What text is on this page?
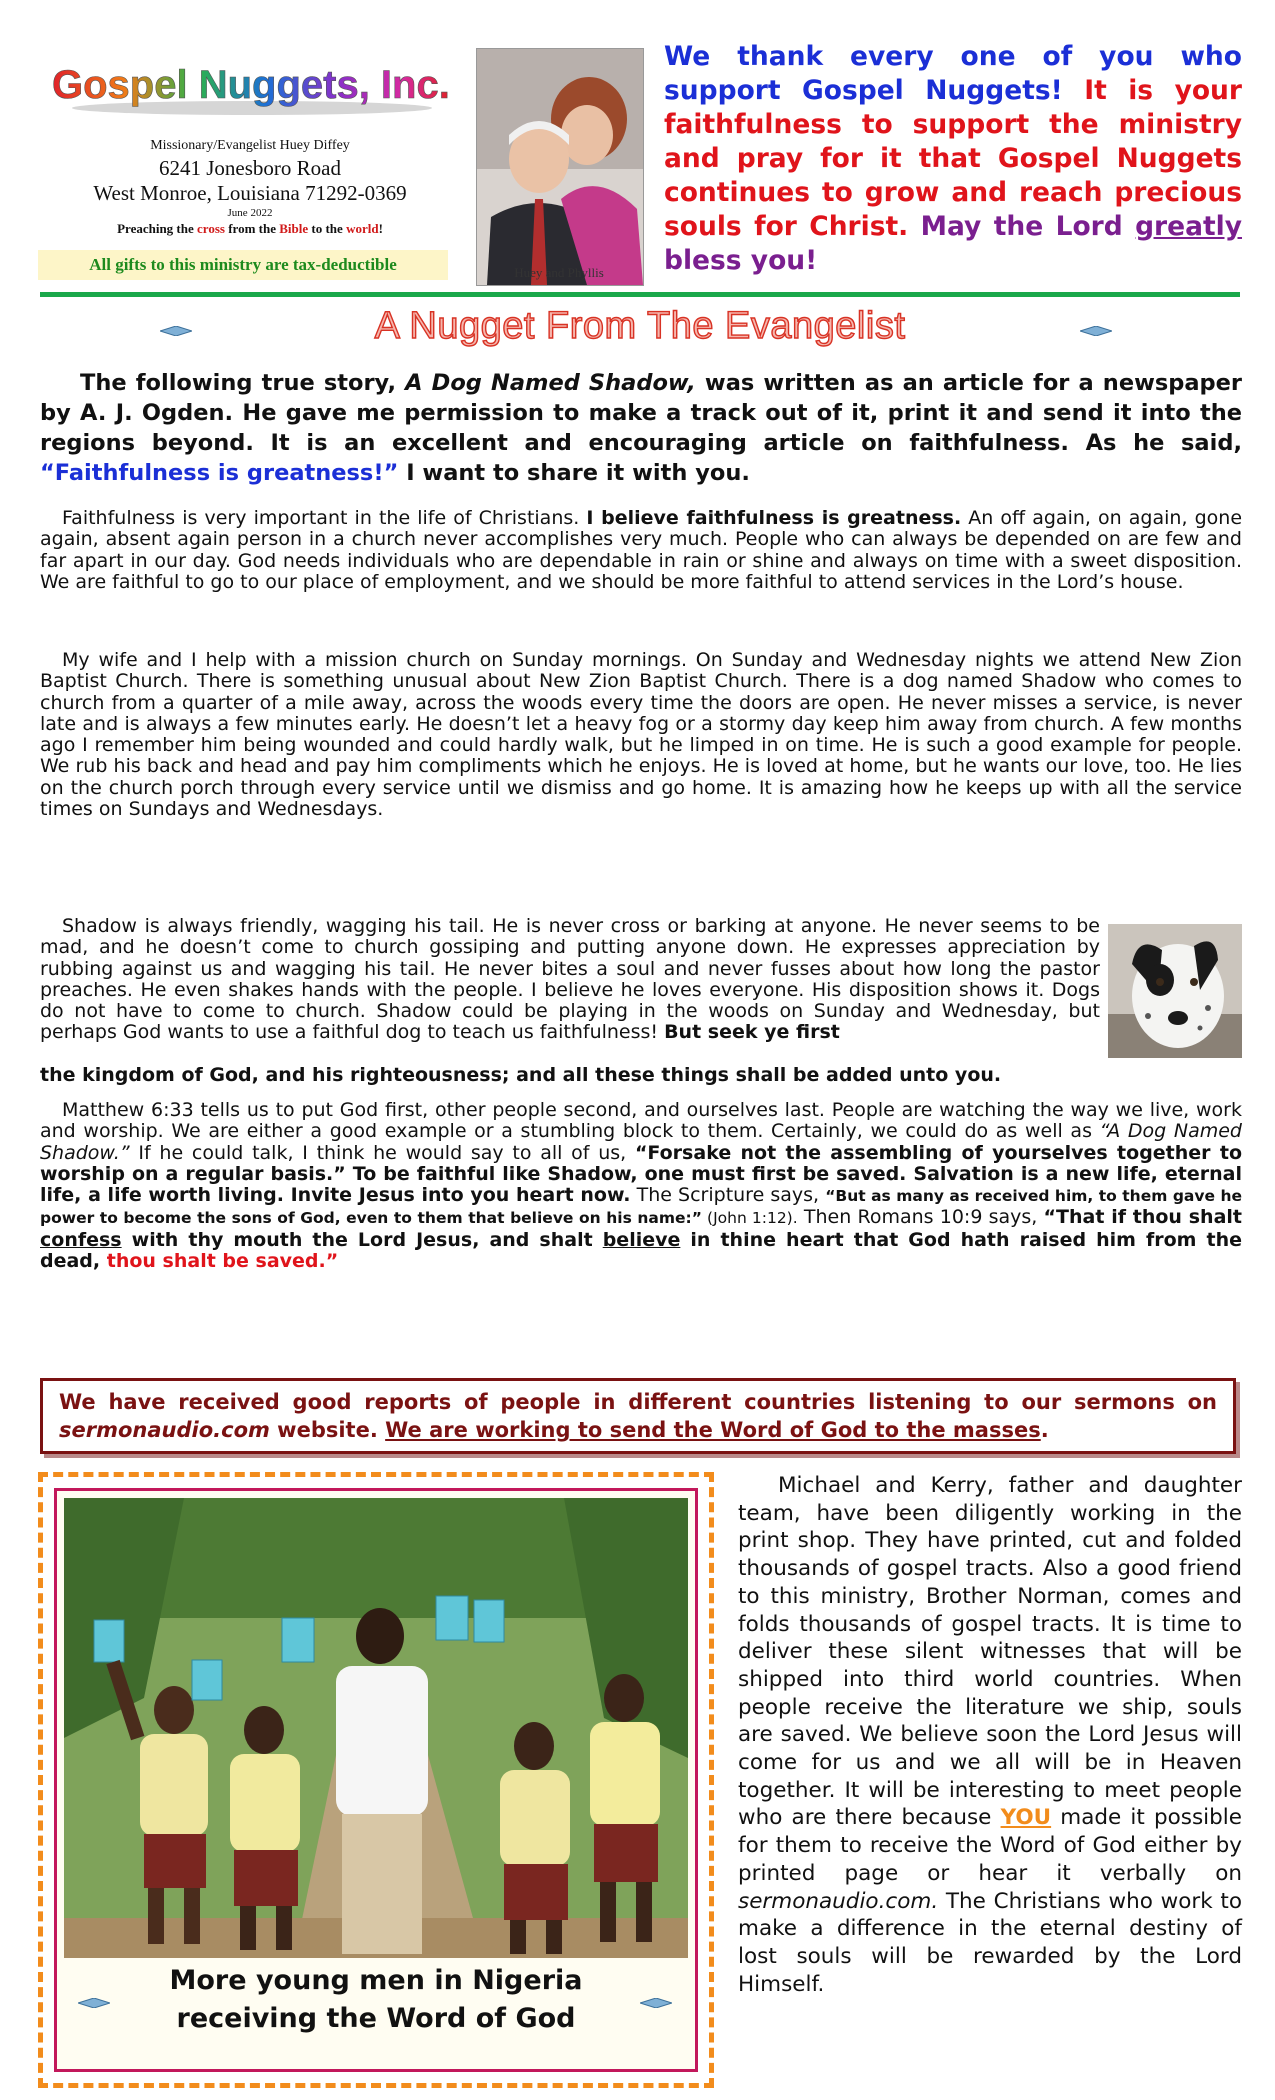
Gospel Nuggets, Inc.
Missionary/Evangelist Huey Diffey
6241 Jonesboro Road
West Monroe, Louisiana 71292-0369
June 2022
Preaching the cross from the Bible to the world!
All gifts to this ministry are tax-deductible	Huey and Phyllis
We thank every one of you who support Gospel Nuggets! It is your faithfulness to support the ministry and pray for it that Gospel Nuggets continues to grow and reach precious souls for Christ. May the Lord greatly bless you!
A Nugget From The Evangelist
The following true story, A Dog Named Shadow, was written as an article for a newspaper by A. J. Ogden. He gave me permission to make a track out of it, print it and send it into the regions beyond. It is an excellent and encouraging article on faithfulness. As he said, “Faithfulness is greatness!” I want to share it with you.
Faithfulness is very important in the life of Christians. I believe faithfulness is greatness. An off again, on again, gone again, absent again person in a church never accomplishes very much. People who can always be depended on are few and far apart in our day. God needs individuals who are dependable in rain or shine and always on time with a sweet disposition. We are faithful to go to our place of employment, and we should be more faithful to attend services in the Lord’s house.
My wife and I help with a mission church on Sunday mornings. On Sunday and Wednesday nights we attend New Zion Baptist Church. There is something unusual about New Zion Baptist Church. There is a dog named Shadow who comes to church from a quarter of a mile away, across the woods every time the doors are open. He never misses a service, is never late and is always a few minutes early. He doesn’t let a heavy fog or a stormy day keep him away from church. A few months ago I remember him being wounded and could hardly walk, but he limped in on time. He is such a good example for people. We rub his back and head and pay him compliments which he enjoys. He is loved at home, but he wants our love, too. He lies on the church porch through every service until we dismiss and go home. It is amazing how he keeps up with all the service times on Sundays and Wednesdays.
Shadow is always friendly, wagging his tail. He is never cross or barking at anyone. He never seems to be mad, and he doesn’t come to church gossiping and putting anyone down. He expresses appreciation by rubbing against us and wagging his tail. He never bites a soul and never fusses about how long the pastor preaches. He even shakes hands with the people. I believe he loves everyone. His disposition shows it. Dogs do not have to come to church. Shadow could be playing in the woods on Sunday and Wednesday, but perhaps God wants to use a faithful dog to teach us faithfulness! But seek ye first
the kingdom of God, and his righteousness; and all these things shall be added unto you.
Matthew 6:33 tells us to put God first, other people second, and ourselves last. People are watching the way we live, work and worship. We are either a good example or a stumbling block to them. Certainly, we could do as well as “A Dog Named Shadow.” If he could talk, I think he would say to all of us, “Forsake not the assembling of yourselves together to worship on a regular basis.” To be faithful like Shadow, one must first be saved. Salvation is a new life, eternal life, a life worth living. Invite Jesus into you heart now. The Scripture says, “But as many as received him, to them gave he power to become the sons of God, even to them that believe on his name:” (John 1:12). Then Romans 10:9 says, “That if thou shalt confess with thy mouth the Lord Jesus, and shalt believe in thine heart that God hath raised him from the dead, thou shalt be saved.”
We have received good reports of people in different countries listening to our sermons on sermonaudio.com website. We are working to send the Word of God to the masses.
More young men in Nigeria
receiving the Word of God
Michael and Kerry, father and daughter team, have been diligently working in the print shop. They have printed, cut and folded thousands of gospel tracts. Also a good friend to this ministry, Brother Norman, comes and folds thousands of gospel tracts. It is time to deliver these silent witnesses that will be shipped into third world countries. When people receive the literature we ship, souls are saved. We believe soon the Lord Jesus will come for us and we all will be in Heaven together. It will be interesting to meet people who are there because YOU made it possible for them to receive the Word of God either by printed page or hear it verbally on sermonaudio.com. The Christians who work to make a difference in the eternal destiny of lost souls will be rewarded by the Lord Himself.
